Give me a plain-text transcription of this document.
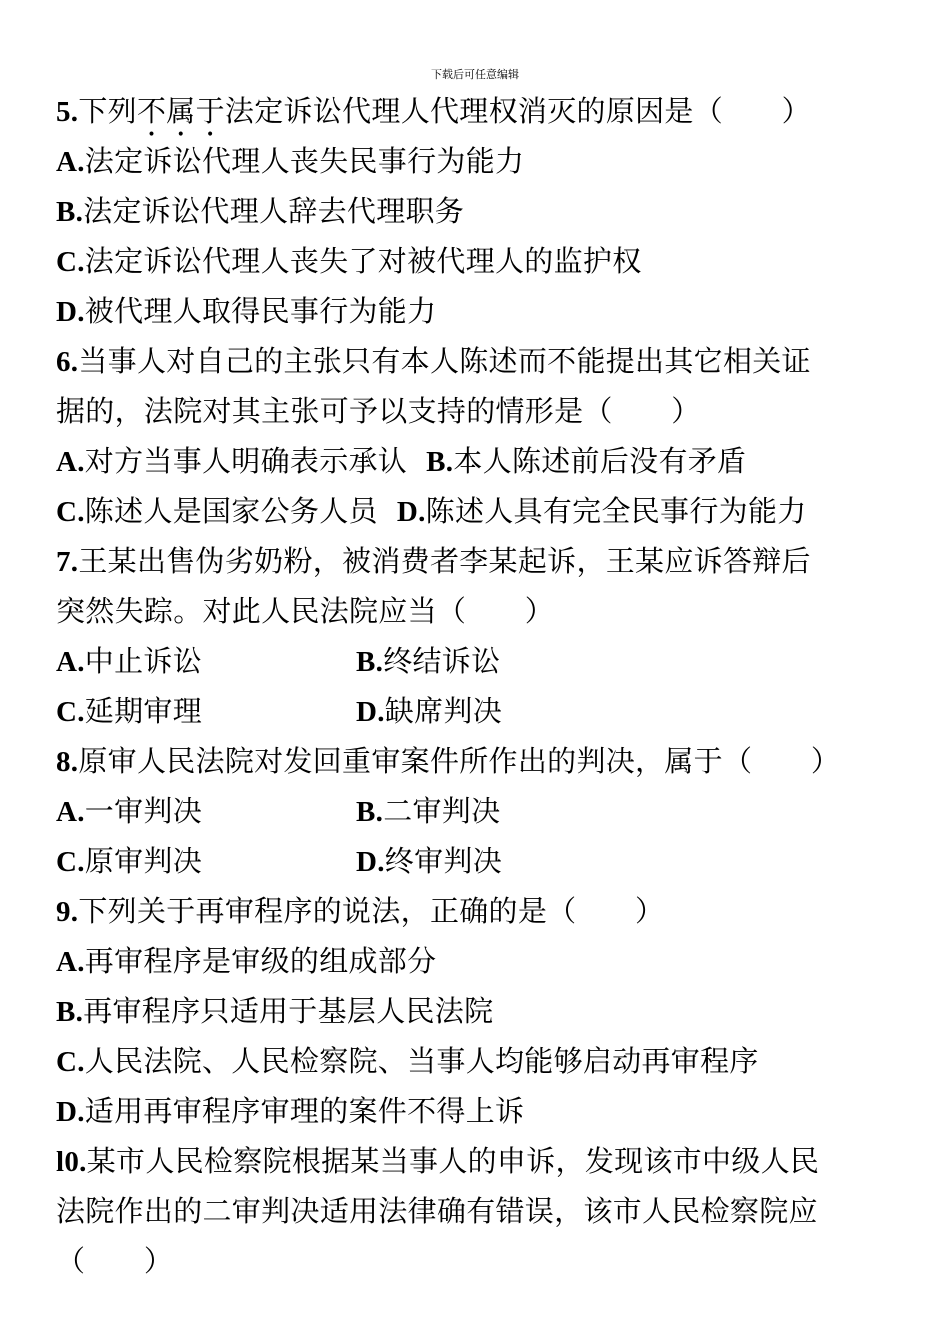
下载后可任意编辑
5.下列不属于法定诉讼代理人代理权消灭的原因是（　　）
A.法定诉讼代理人丧失民事行为能力
B.法定诉讼代理人辞去代理职务
C.法定诉讼代理人丧失了对被代理人的监护权
D.被代理人取得民事行为能力
6.当事人对自己的主张只有本人陈述而不能提出其它相关证
据的，法院对其主张可予以支持的情形是（　　）
A.对方当事人明确表示承认 B.本人陈述前后没有矛盾
C.陈述人是国家公务人员 D.陈述人具有完全民事行为能力
7.王某出售伪劣奶粉，被消费者李某起诉，王某应诉答辩后
突然失踪。对此人民法院应当（　　）
A.中止诉讼	B.终结诉讼
C.延期审理	D.缺席判决
8.原审人民法院对发回重审案件所作出的判决，属于（　　）
A.一审判决	B.二审判决
C.原审判决	D.终审判决
9.下列关于再审程序的说法，正确的是（　　）
A.再审程序是审级的组成部分
B.再审程序只适用于基层人民法院
C.人民法院、人民检察院、当事人均能够启动再审程序
D.适用再审程序审理的案件不得上诉
l0.某市人民检察院根据某当事人的申诉，发现该市中级人民
法院作出的二审判决适用法律确有错误，该市人民检察院应
（　　）
